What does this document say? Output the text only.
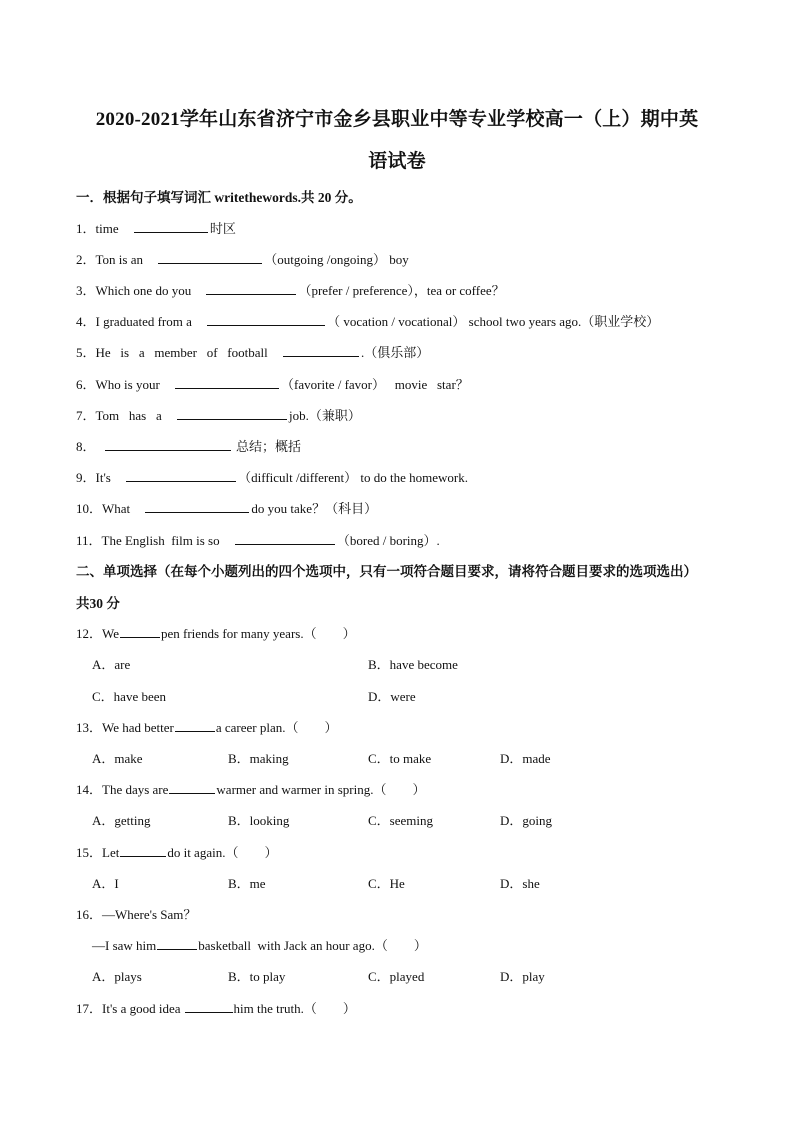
2020-2021学年山东省济宁市金乡县职业中等专业学校高一（上）期中英
语试卷
一．根据句子填写词汇 writethewords.共 20 分。
1．time	时区
2．Ton is an	（outgoing /ongoing） boy
3．Which one do you	（prefer / preference），tea or coffee？
4．I graduated from a	（ vocation / vocational） school two years ago.（职业学校）
5．He   is   a   member   of   football	.（俱乐部）
6．Who is your	（favorite / favor）   movie   star？
7．Tom   has   a	job.（兼职）
8．	总结；概括
9．It's	（difficult /different） to do the homework.
10．What	do you take？（科目）
11．The English  film is so	（bored / boring）.
二、单项选择（在每个小题列出的四个选项中，只有一项符合题目要求，请将符合题目要求的选项选出）
共30 分
12．We	pen friends for many years.（        ）
A．are	B．have become
C．have been	D．were
13．We had better	a career plan.（        ）
A．make	B．making	C．to make	D．made
14．The days are	warmer and warmer in spring.（        ）
A．getting	B．looking	C．seeming	D．going
15．Let	do it again.（        ）
A．I	B．me	C．He	D．she
16．—Where's Sam？
—I saw him	basketball  with Jack an hour ago.（        ）
A．plays	B．to play	C．played	D．play
17．It's a good idea	him the truth.（        ）
